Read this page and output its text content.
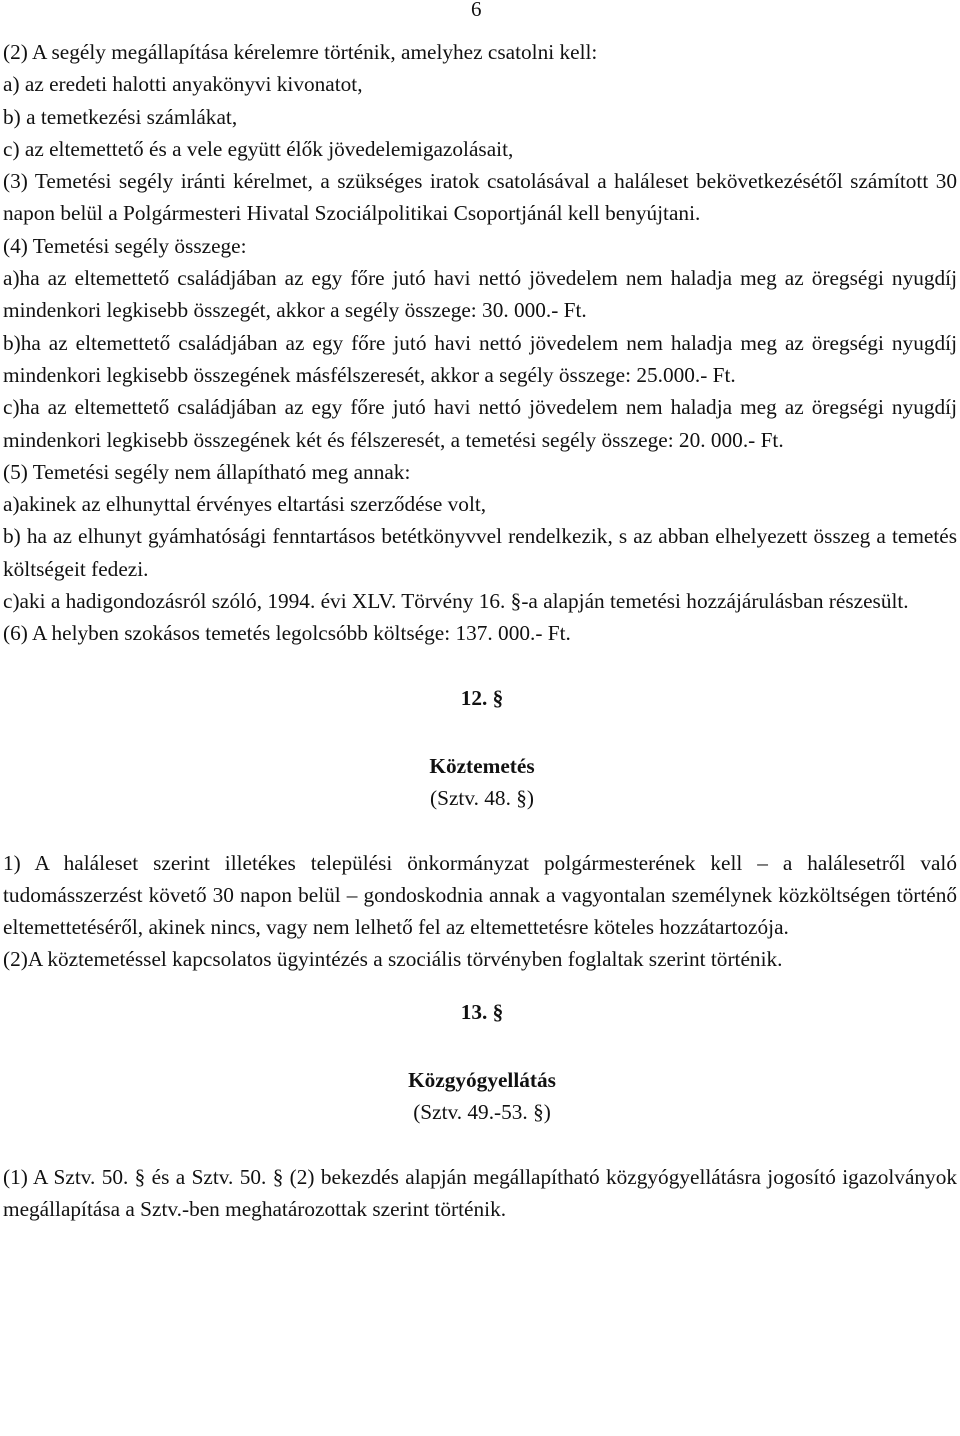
6
(2) A segély megállapítása kérelemre történik, amelyhez csatolni kell:
a) az eredeti halotti anyakönyvi kivonatot,
b) a temetkezési számlákat,
c) az eltemettető és a vele együtt élők jövedelemigazolásait,
(3) Temetési segély iránti kérelmet, a szükséges iratok csatolásával a haláleset bekövetkezésétől számított 30 napon belül a Polgármesteri Hivatal Szociálpolitikai Csoportjánál kell benyújtani.
(4) Temetési segély összege:
a)ha az eltemettető családjában az egy főre jutó havi nettó jövedelem nem haladja meg az öregségi nyugdíj mindenkori legkisebb összegét, akkor a segély összege: 30. 000.- Ft.
b)ha az eltemettető családjában az egy főre jutó havi nettó jövedelem nem haladja meg az öregségi nyugdíj mindenkori legkisebb összegének másfélszeresét, akkor a segély összege: 25.000.- Ft.
c)ha az eltemettető családjában az egy főre jutó havi nettó jövedelem nem haladja meg az öregségi nyugdíj mindenkori legkisebb összegének két és félszeresét, a temetési segély összege: 20. 000.- Ft.
(5) Temetési segély nem állapítható meg annak:
a)akinek az elhunyttal érvényes eltartási szerződése volt,
b) ha az elhunyt gyámhatósági fenntartásos betétkönyvvel rendelkezik, s az abban elhelyezett összeg a temetés költségeit fedezi.
c)aki a hadigondozásról szóló, 1994. évi XLV. Törvény 16. §-a alapján temetési hozzájárulásban részesült.
(6) A helyben szokásos temetés legolcsóbb költsége: 137. 000.- Ft.
12. §
Köztemetés
(Sztv. 48. §)
1) A haláleset szerint illetékes települési önkormányzat polgármesterének kell – a halálesetről való tudomásszerzést követő 30 napon belül – gondoskodnia annak a vagyontalan személynek közköltségen történő eltemettetéséről, akinek nincs, vagy nem lelhető fel az eltemettetésre köteles hozzátartozója.
(2)A köztemetéssel kapcsolatos ügyintézés a szociális törvényben foglaltak szerint történik.
13. §
Közgyógyellátás
(Sztv. 49.-53. §)
(1) A Sztv. 50. § és a Sztv. 50. § (2) bekezdés alapján megállapítható közgyógyellátásra jogosító igazolványok megállapítása a Sztv.-ben meghatározottak szerint történik.
